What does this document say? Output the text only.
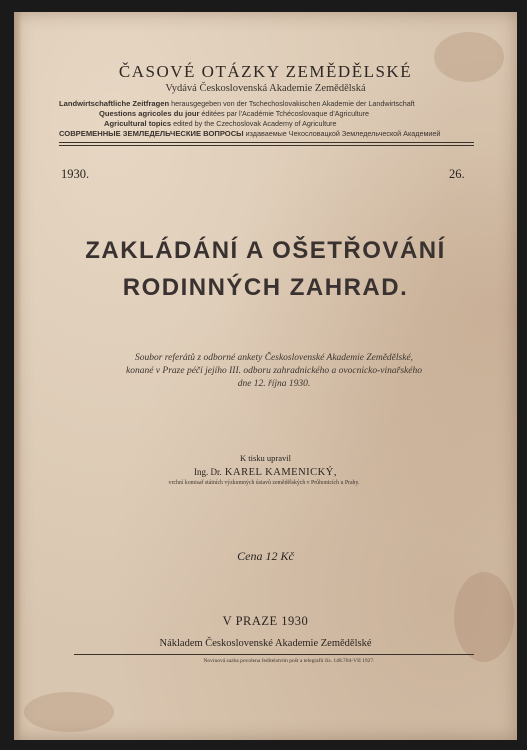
ČASOVÉ OTÁZKY ZEMĚDĚLSKÉ
Vydává Československá Akademie Zemědělská
Landwirtschaftliche Zeitfragen herausgegeben von der Tschechoslovakischen Akademie der Landwirtschaft
Questions agricoles du jour éditées par l'Académie Tchécoslovaque d'Agriculture
Agricultural topics edited by the Czechoslovak Academy of Agriculture
СОВРЕМЕННЫЕ ЗЕМЛЕДЕЛЬЧЕСКИЕ ВОПРОСЫ издаваемые Чехословацкой Земледельческой Академией
1930.	26.
ZAKLÁDÁNÍ A OŠETŘOVÁNÍ
RODINNÝCH ZAHRAD.
Soubor referátů z odborné ankety Československé Akademie Zemědělské, konané v Praze péčí jejího III. odboru zahradnického a ovocnicko-vinařského dne 12. října 1930.
K tisku upravil
Ing. Dr. KAREL KAMENICKÝ,
vrchní komisař státních výzkumných ústavů zemědělských v Průhonicích u Prahy.
Cena 12 Kč
V PRAZE 1930
Nákladem Československé Akademie Zemědělské
Novinová sazba povolena ředitelstvím pošt a telegrafů čís. 148.704-VII 1927.
